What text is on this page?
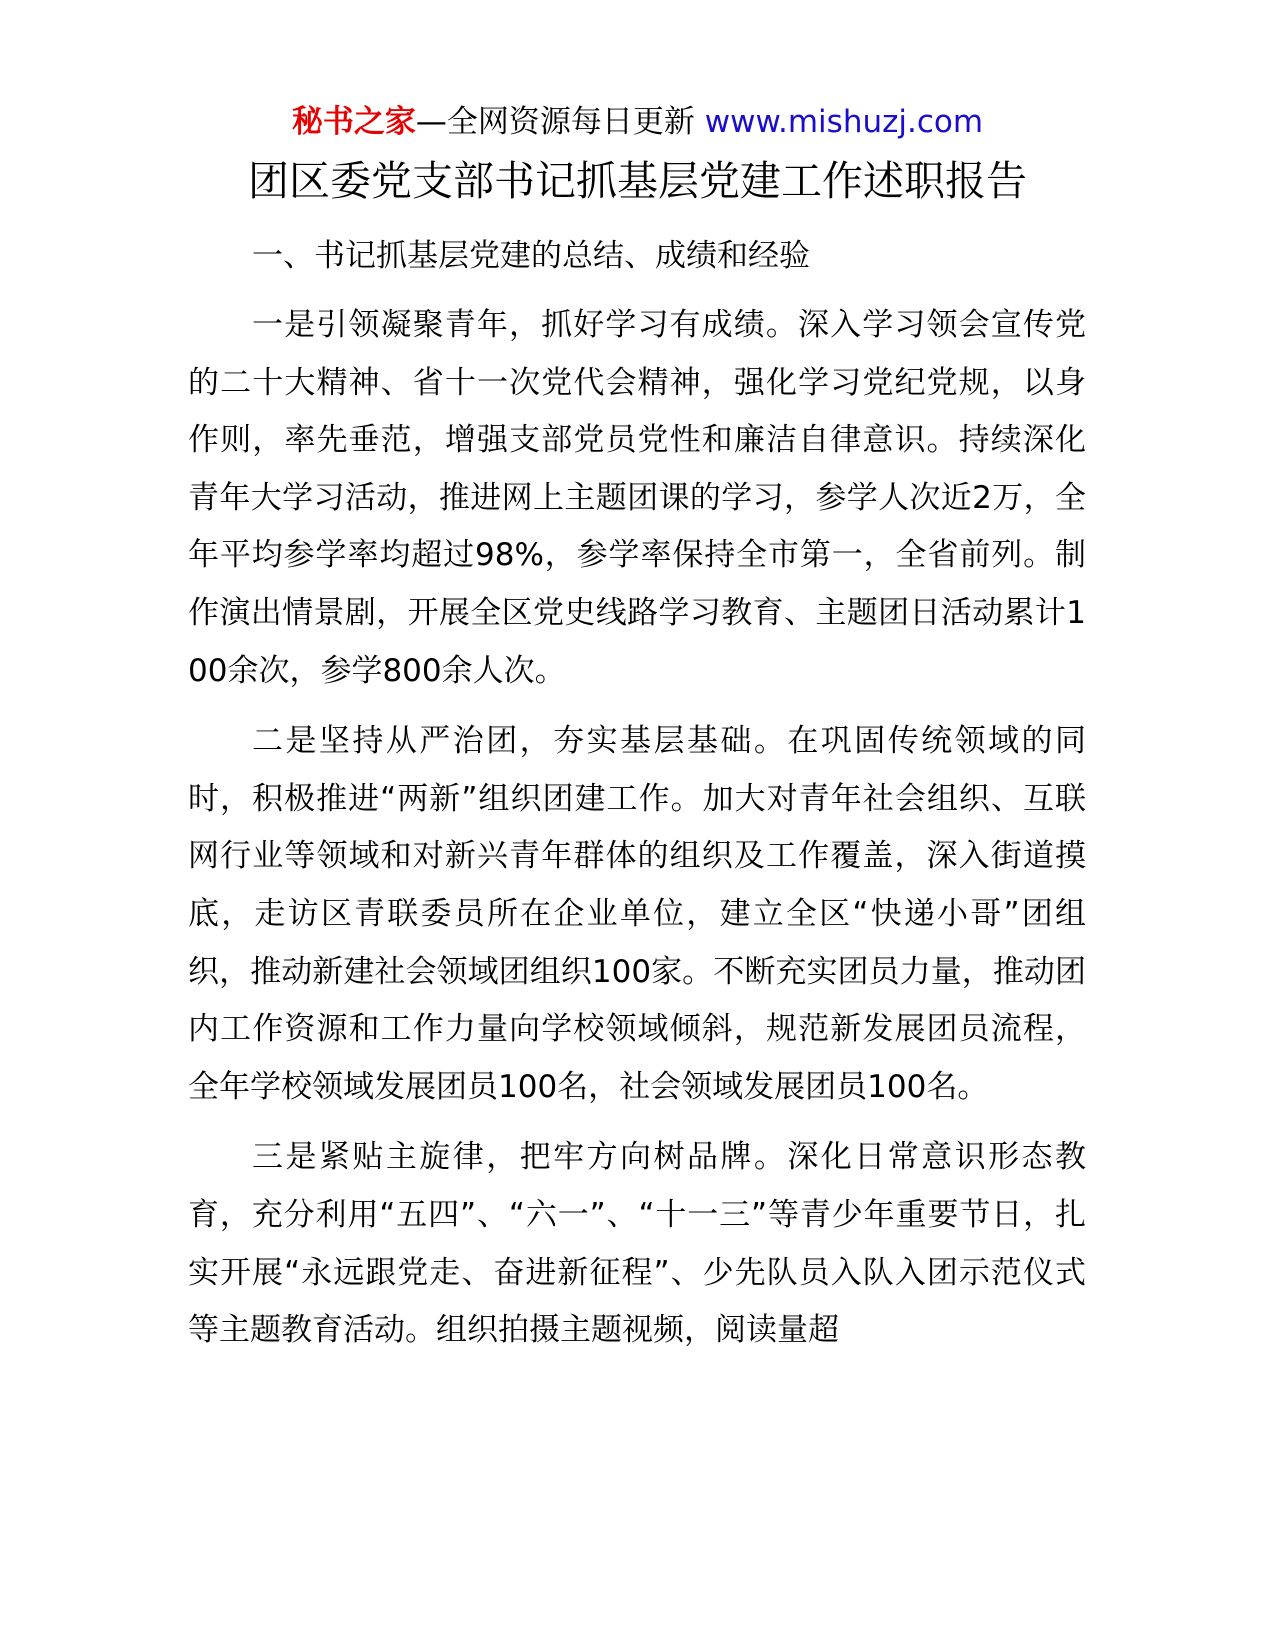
秘书之家—全网资源每日更新 www.mishuzj.com
团区委党支部书记抓基层党建工作述职报告
一、书记抓基层党建的总结、成绩和经验

一是引领凝聚青年，抓好学习有成绩。深入学习领会宣传党的二十大精神、省十一次党代会精神，强化学习党纪党规，以身作则，率先垂范，增强支部党员党性和廉洁自律意识。持续深化青年大学习活动，推进网上主题团课的学习，参学人次近2万，全年平均参学率均超过98%，参学率保持全市第一，全省前列。制作演出情景剧，开展全区党史线路学习教育、主题团日活动累计100余次，参学800余人次。

二是坚持从严治团，夯实基层基础。在巩固传统领域的同时，积极推进“两新”组织团建工作。加大对青年社会组织、互联网行业等领域和对新兴青年群体的组织及工作覆盖，深入街道摸底，走访区青联委员所在企业单位，建立全区“快递小哥”团组织，推动新建社会领域团组织100家。不断充实团员力量，推动团内工作资源和工作力量向学校领域倾斜，规范新发展团员流程，全年学校领域发展团员100名，社会领域发展团员100名。

三是紧贴主旋律，把牢方向树品牌。深化日常意识形态教育，充分利用“五四”、“六一”、“十一三”等青少年重要节日，扎实开展“永远跟党走、奋进新征程”、少先队员入队入团示范仪式等主题教育活动。组织拍摄主题视频，阅读量超
